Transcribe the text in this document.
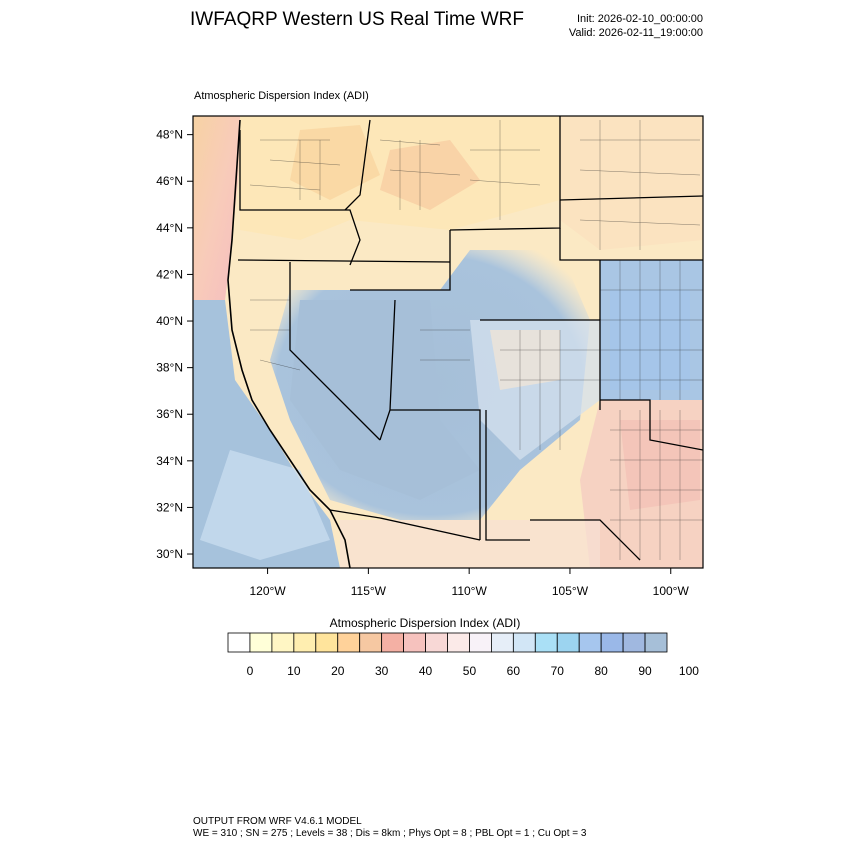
IWFAQRP Western US Real Time WRF	Init: 2026-02-10_00:00:00
Valid: 2026-02-11_19:00:00
Atmospheric Dispersion Index (ADI)
48°N
46°N
44°N
42°N
40°N
38°N
36°N
34°N
32°N
30°N
120°W	115°W	110°W	105°W	100°W
0	10	20	30	40	50	60	70	80	90 100
Atmospheric Dispersion Index (ADI)
OUTPUT FROM WRF V4.6.1 MODEL
WE = 310 ; SN = 275 ; Levels = 38 ; Dis = 8km ; Phys Opt = 8 ; PBL Opt = 1 ; Cu Opt = 3
